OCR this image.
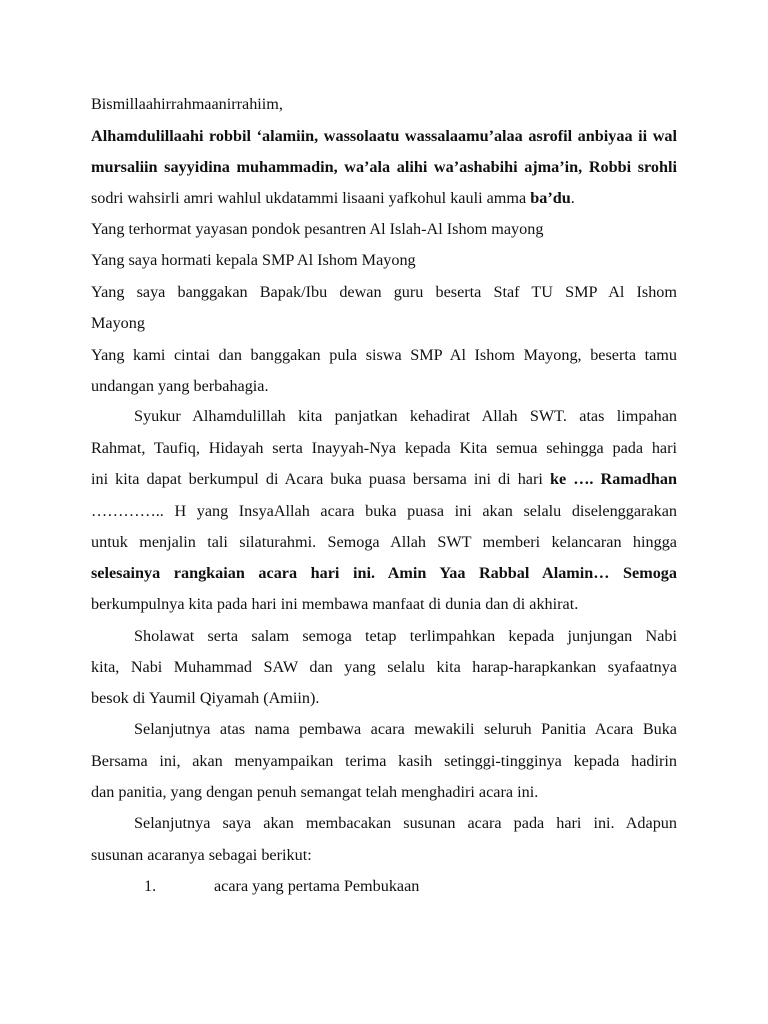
Bismillaahirrahmaanirrahiim,
Alhamdulillaahi robbil ‘alamiin, wassolaatu wassalaamu’alaa asrofil anbiyaa ii wal
mursaliin sayyidina muhammadin, wa’ala alihi wa’ashabihi ajma’in, Robbi srohli
sodri wahsirli amri wahlul ukdatammi lisaani yafkohul kauli amma ba’du.
Yang terhormat yayasan pondok pesantren Al Islah-Al Ishom mayong
Yang saya hormati kepala SMP Al Ishom Mayong
Yang saya banggakan Bapak/Ibu dewan guru beserta Staf TU SMP Al Ishom
Mayong
Yang kami cintai dan banggakan pula siswa SMP Al Ishom Mayong, beserta tamu
undangan yang berbahagia.
Syukur Alhamdulillah kita panjatkan kehadirat Allah SWT. atas limpahan
Rahmat, Taufiq, Hidayah serta Inayyah-Nya kepada Kita semua sehingga pada hari
ini kita dapat berkumpul di Acara buka puasa bersama ini di hari ke …. Ramadhan
………….. H yang InsyaAllah acara buka puasa ini akan selalu diselenggarakan
untuk menjalin tali silaturahmi. Semoga Allah SWT memberi kelancaran hingga
selesainya rangkaian acara hari ini. Amin Yaa Rabbal Alamin… Semoga
berkumpulnya kita pada hari ini membawa manfaat di dunia dan di akhirat.
Sholawat serta salam semoga tetap terlimpahkan kepada junjungan Nabi
kita, Nabi Muhammad SAW dan yang selalu kita harap-harapkankan syafaatnya
besok di Yaumil Qiyamah (Amiin).
Selanjutnya atas nama pembawa acara mewakili seluruh Panitia Acara Buka
Bersama ini, akan menyampaikan terima kasih setinggi-tingginya kepada hadirin
dan panitia, yang dengan penuh semangat telah menghadiri acara ini.
Selanjutnya saya akan membacakan susunan acara pada hari ini. Adapun
susunan acaranya sebagai berikut:
1.	acara yang pertama Pembukaan
